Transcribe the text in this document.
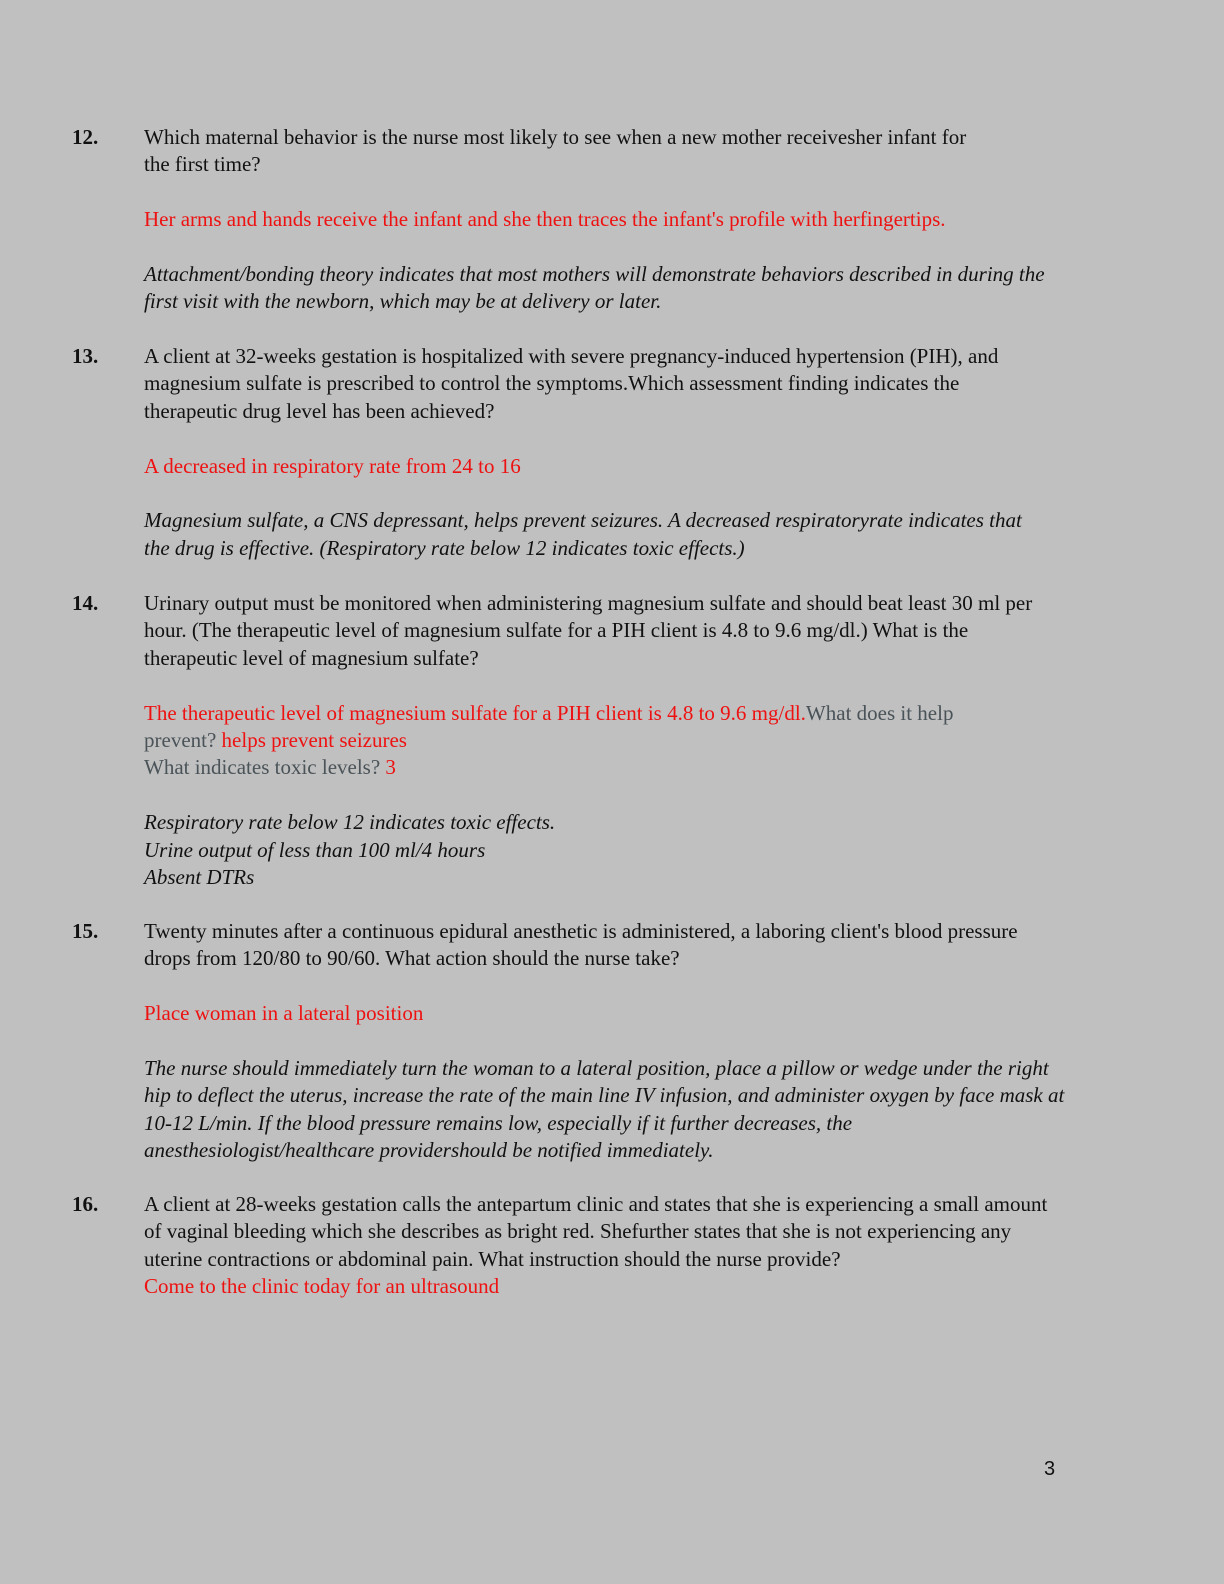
12. Which maternal behavior is the nurse most likely to see when a new mother receivesher infant for the first time?

Her arms and hands receive the infant and she then traces the infant's profile with herfingertips.

Attachment/bonding theory indicates that most mothers will demonstrate behaviors described in during the first visit with the newborn, which may be at delivery or later.

13. A client at 32-weeks gestation is hospitalized with severe pregnancy-induced hypertension (PIH), and magnesium sulfate is prescribed to control the symptoms.Which assessment finding indicates the therapeutic drug level has been achieved?

A decreased in respiratory rate from 24 to 16

Magnesium sulfate, a CNS depressant, helps prevent seizures. A decreased respiratoryrate indicates that the drug is effective. (Respiratory rate below 12 indicates toxic effects.)

14. Urinary output must be monitored when administering magnesium sulfate and should beat least 30 ml per hour. (The therapeutic level of magnesium sulfate for a PIH client is 4.8 to 9.6 mg/dl.) What is the therapeutic level of magnesium sulfate?

The therapeutic level of magnesium sulfate for a PIH client is 4.8 to 9.6 mg/dl.What does it help prevent? helps prevent seizures

What indicates toxic levels? 3

Respiratory rate below 12 indicates toxic effects.

Urine output of less than 100 ml/4 hours

Absent DTRs

15. Twenty minutes after a continuous epidural anesthetic is administered, a laboring client's blood pressure drops from 120/80 to 90/60. What action should the nurse take?

Place woman in a lateral position

The nurse should immediately turn the woman to a lateral position, place a pillow or wedge under the right hip to deflect the uterus, increase the rate of the main line IV infusion, and administer oxygen by face mask at 10-12 L/min. If the blood pressure remains low, especially if it further decreases, the anesthesiologist/healthcare providershould be notified immediately.

16. A client at 28-weeks gestation calls the antepartum clinic and states that she is experiencing a small amount of vaginal bleeding which she describes as bright red. Shefurther states that she is not experiencing any uterine contractions or abdominal pain. What instruction should the nurse provide?

Come to the clinic today for an ultrasound

3
